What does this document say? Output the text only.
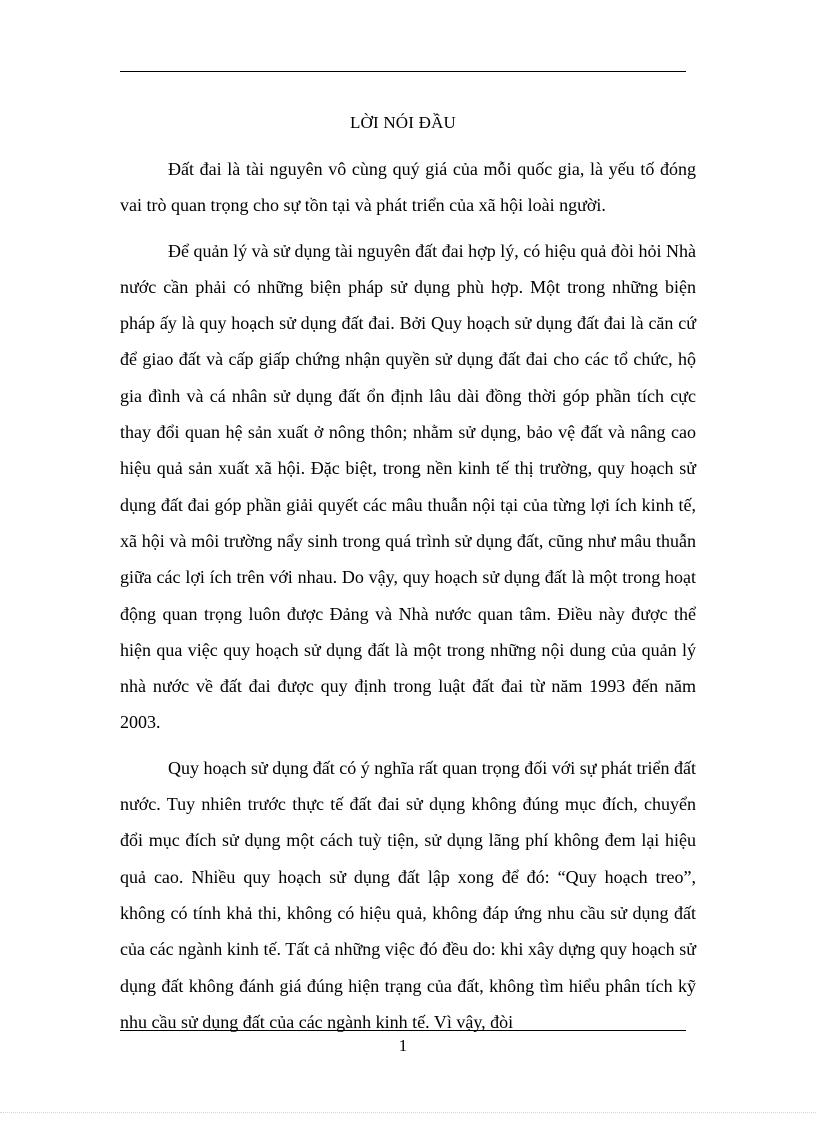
LỜI NÓI ĐẦU

Đất đai là tài nguyên vô cùng quý giá của mỗi quốc gia, là yếu tố đóng vai trò quan trọng cho sự tồn tại và phát triển của xã hội loài người.

Để quản lý và sử dụng tài nguyên đất đai hợp lý, có hiệu quả đòi hỏi Nhà nước cần phải có những biện pháp sử dụng phù hợp. Một trong những biện pháp ấy là quy hoạch sử dụng đất đai. Bởi Quy hoạch sử dụng đất đai là căn cứ để giao đất và cấp giấp chứng nhận quyền sử dụng đất đai cho các tổ chức, hộ gia đình và cá nhân sử dụng đất ổn định lâu dài đồng thời góp phần tích cực thay đổi quan hệ sản xuất ở nông thôn; nhằm sử dụng, bảo vệ đất và nâng cao hiệu quả sản xuất xã hội. Đặc biệt, trong nền kinh tế thị trường, quy hoạch sử dụng đất đai góp phần giải quyết các mâu thuẫn nội tại của từng lợi ích kinh tế, xã hội và môi trường nẩy sinh trong quá trình sử dụng đất, cũng như mâu thuẫn giữa các lợi ích trên với nhau. Do vậy, quy hoạch sử dụng đất là một trong hoạt động quan trọng luôn được Đảng và Nhà nước quan tâm. Điều này được thể hiện qua việc quy hoạch sử dụng đất là một trong những nội dung của quản lý nhà nước về đất đai được quy định trong luật đất đai từ năm 1993 đến năm 2003.

Quy hoạch sử dụng đất có ý nghĩa rất quan trọng đối với sự phát triển đất nước. Tuy nhiên trước thực tế đất đai sử dụng không đúng mục đích, chuyển đổi mục đích sử dụng một cách tuỳ tiện, sử dụng lãng phí không đem lại hiệu quả cao. Nhiều quy hoạch sử dụng đất lập xong để đó: “Quy hoạch treo”, không có tính khả thi, không có hiệu quả, không đáp ứng nhu cầu sử dụng đất của các ngành kinh tế. Tất cả những việc đó đều do: khi xây dựng quy hoạch sử dụng đất không đánh giá đúng hiện trạng của đất, không tìm hiểu phân tích kỹ nhu cầu sử dụng đất của các ngành kinh tế. Vì vậy, đòi

1
